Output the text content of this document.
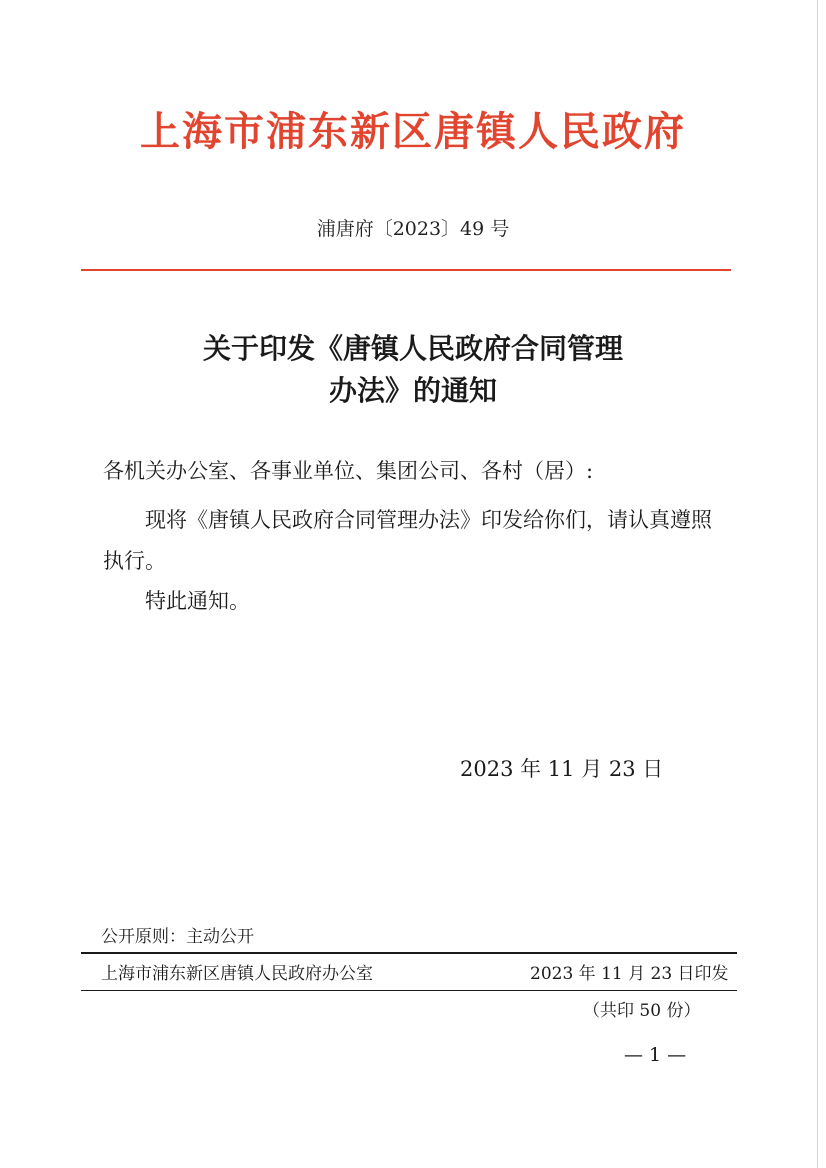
上海市浦东新区唐镇人民政府
浦唐府〔2023〕49 号
关于印发《唐镇人民政府合同管理
办法》的通知

各机关办公室、各事业单位、集团公司、各村（居）:

现将《唐镇人民政府合同管理办法》印发给你们，请认真遵照执行。

特此通知。

2023 年 11 月 23 日
公开原则：主动公开
上海市浦东新区唐镇人民政府办公室	2023 年 11 月 23 日印发
（共印 50 份）
— 1 —
